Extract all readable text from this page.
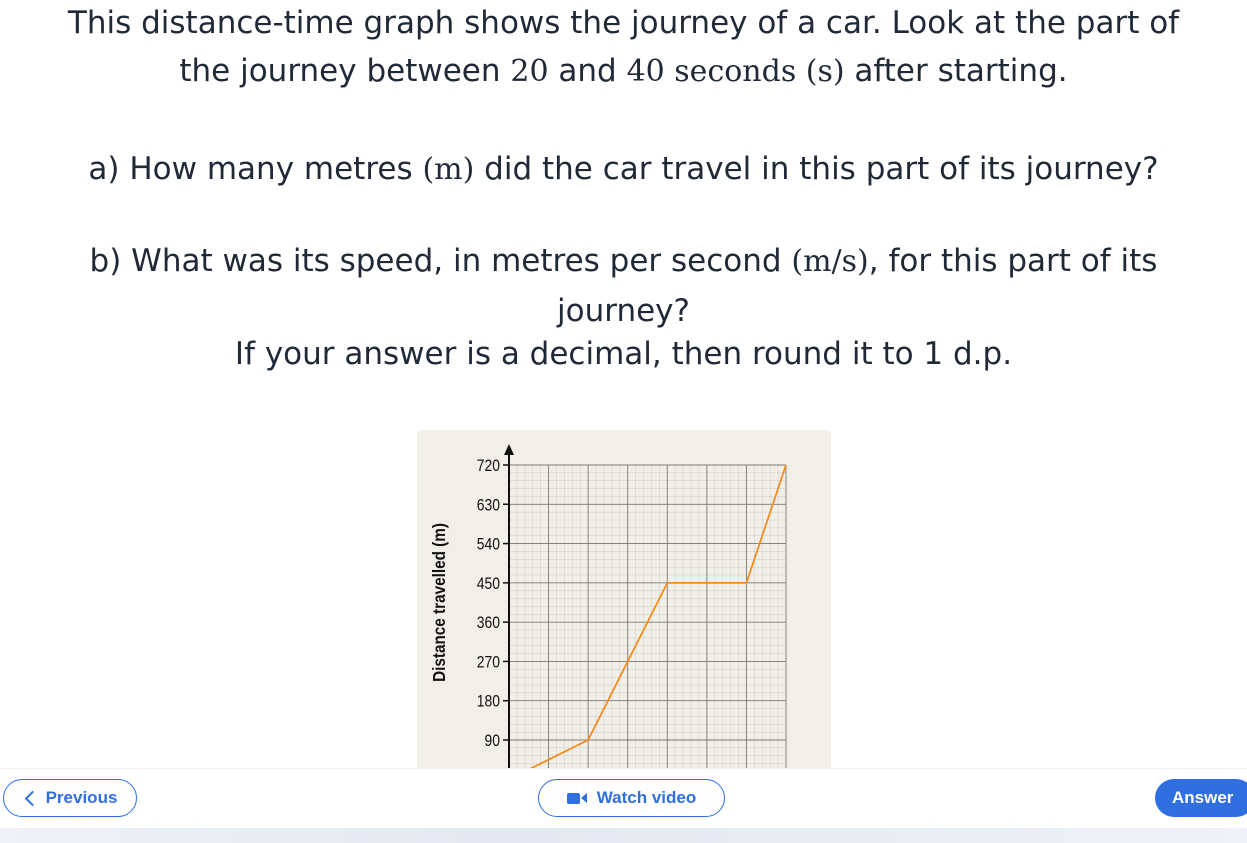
This distance-time graph shows the journey of a car. Look at the part of
the journey between 20 and 40 seconds (s) after starting.
a) How many metres (m) did the car travel in this part of its journey?
b) What was its speed, in metres per second (m/s), for this part of its
journey?
If your answer is a decimal, then round it to 1 d.p.
90
180
270
360
450
540
630
720
Distance travelled (m)
Previous	Watch video	Answer
